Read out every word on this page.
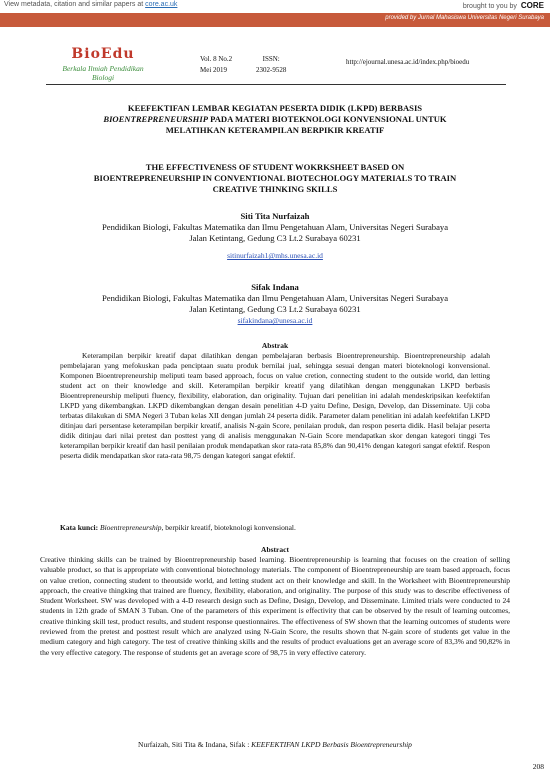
View metadata, citation and similar papers at core.ac.uk	brought to you by CORE
provided by Jurnal Mahasiswa Universitas Negeri Surabaya
BioEdu
Berkala Ilmiah Pendidikan Biologi
Vol. 8 No.2
Mei 2019
ISSN:
2302-9528
http://ejournal.unesa.ac.id/index.php/bioedu
KEEFEKTIFAN LEMBAR KEGIATAN PESERTA DIDIK (LKPD) BERBASIS
BIOENTREPRENEURSHIP PADA MATERI BIOTEKNOLOGI KONVENSIONAL UNTUK
MELATIHKAN KETERAMPILAN BERPIKIR KREATIF
THE EFFECTIVENESS OF STUDENT WOKRKSHEET BASED ON
BIOENTREPRENEURSHIP IN CONVENTIONAL BIOTECHOLOGY MATERIALS TO TRAIN
CREATIVE THINKING SKILLS
Siti Tita Nurfaizah
Pendidikan Biologi, Fakultas Matematika dan Ilmu Pengetahuan Alam, Universitas Negeri Surabaya
Jalan Ketintang, Gedung C3 Lt.2 Surabaya 60231
sitinurfaizah1@mhs.unesa.ac.id
Sifak Indana
Pendidikan Biologi, Fakultas Matematika dan Ilmu Pengetahuan Alam, Universitas Negeri Surabaya
Jalan Ketintang, Gedung C3 Lt.2 Surabaya 60231
sifakindana@unesa.ac.id
Abstrak
Keterampilan berpikir kreatif dapat dilatihkan dengan pembelajaran berbasis Bioentrepreneurship. Bioentrepreneurship adalah pembelajaran yang mefokuskan pada penciptaan suatu produk bernilai jual, sehingga sesuai dengan materi bioteknologi konvensional. Komponen Bioentrepreneurship meliputi team based approach, focus on value cretion, connecting student to the outside world, dan letting student act on their knowledge and skill. Keterampilan berpikir kreatif yang dilatihkan dengan menggunakan LKPD berbasis Bioentrepreneurship meliputi fluency, flexibility, elaboration, dan originality. Tujuan dari penelitian ini adalah mendeskripsikan keefektifan LKPD yang dikembangkan. LKPD dikembangkan dengan desain penelitian 4-D yaitu Define, Design, Develop, dan Disseminate. Uji coba terbatas dilakukan di SMA Negeri 3 Tuban kelas XII dengan jumlah 24 peserta didik. Parameter dalam penelitian ini adalah keefektifan LKPD ditinjau dari persentase keterampilan berpikir kreatif, analisis N-gain Score, penilaian produk, dan respon peserta didik. Hasil belajar peserta didik ditinjau dari nilai pretest dan posttest yang di analisis menggunakan N-Gain Score mendapatkan skor dengan kategori tinggi Tes keterampilan berpikir kreatif dan hasil penilaian produk mendapatkan skor rata-rata 85,8% dan 90,41% dengan kategori sangat efektif. Respon peserta didik mendapatkan skor rata-rata 98,75 dengan kategori sangat efektif.
Kata kunci: Bioentrepreneurship, berpikir kreatif, bioteknologi konvensional.
Abstract
Creative thinking skills can be trained by Bioentrepreneurship based learning. Bioentrepreneurship is learning that focuses on the creation of selling valuable product, so that is appropriate with conventional biotechnology materials. The component of Bioentrepreneurship are team based approach, focus on value cretion, connecting student to theoutside world, and letting student act on their knowledge and skill. In the Worksheet with Bioentrepreneurship approach, the creative thingking that trained are fluency, flexibility, elaboration, and originality. The purpose of this study was to describe effectiveness of Student Worksheet. SW was developed with a 4-D research design such as Define, Design, Develop, and Disseminate. Limited trials were conducted to 24 students in 12th grade of SMAN 3 Tuban. One of the parameters of this experiment is effectivity that can be observed by the result of learning outcomes, creative thinking skill test, product results, and student response questionnaires. The effectiveness of SW shown that the learning outcomes of students were reviewed from the pretest and posttest result which are analyzed using N-Gain Score, the results shown that N-gain score of students get value in the medium category and high category. The test of creative thinking skills and the results of product evaluations get an average score of 83,3% and 90,82% in the very effective category. The response of students get an average score of 98,75 in very effective caterory.
Nurfaizah, Siti Tita & Indana, Sifak : KEEFEKTIFAN LKPD Berbasis Bioentrepreneurship
208
